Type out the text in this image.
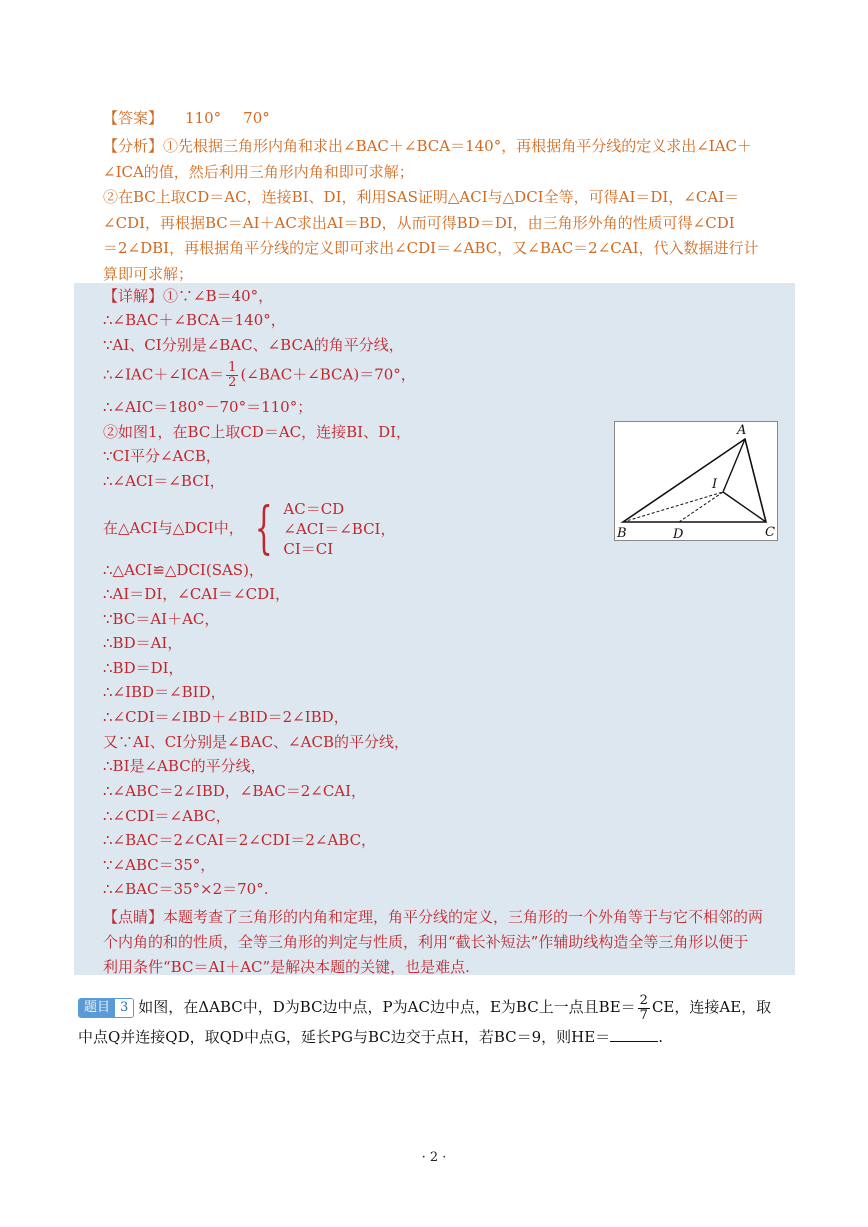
【答案】 110° 70°

【分析】①先根据三角形内角和求出∠BAC＋∠BCA＝140°，再根据角平分线的定义求出∠IAC＋

∠ICA的值，然后利用三角形内角和即可求解；

②在BC上取CD＝AC，连接BI、DI，利用SAS证明△ACI与△DCI全等，可得AI＝DI，∠CAI＝

∠CDI，再根据BC＝AI＋AC求出AI＝BD，从而可得BD＝DI，由三角形外角的性质可得∠CDI

＝2∠DBI，再根据角平分线的定义即可求出∠CDI＝∠ABC，又∠BAC＝2∠CAI，代入数据进行计

算即可求解；

【详解】①∵∠B＝40°，
∴∠BAC＋∠BCA＝140°，
∵AI、CI分别是∠BAC、∠BCA的角平分线，
∴∠IAC＋∠ICA＝ $\frac{1}{2}$ (∠BAC＋∠BCA)＝70°，
∴∠AIC＝180°－70°＝110°；
②如图1，在BC上取CD＝AC，连接BI、DI，
∵CI平分∠ACB，
∴∠ACI＝∠BCI，
在△ACI与△DCI中， { AC＝CD
∠ACI＝∠BCI，
CI＝CI
∴△ACI≌△DCI(SAS)，
∴AI＝DI，∠CAI＝∠CDI，
∵BC＝AI＋AC，
∴BD＝AI，
∴BD＝DI，
∴∠IBD＝∠BID，
∴∠CDI＝∠IBD＋∠BID＝2∠IBD，
又∵AI、CI分别是∠BAC、∠ACB的平分线，
∴BI是∠ABC的平分线，
∴∠ABC＝2∠IBD，∠BAC＝2∠CAI，
∴∠CDI＝∠ABC，
∴∠BAC＝2∠CAI＝2∠CDI＝2∠ABC，
∵∠ABC＝35°，
∴∠BAC＝35°×2＝70°.
A
B	C
D
I

【点睛】本题考查了三角形的内角和定理，角平分线的定义，三角形的一个外角等于与它不相邻的两

个内角的和的性质，全等三角形的判定与性质，利用“截长补短法”作辅助线构造全等三角形以便于

利用条件“BC＝AI＋AC”是解决本题的关键，也是难点.

题目 3 如图，在ΔABC中，D为BC边中点，P为AC边中点，E为BC上一点且$BE= \frac{2}{7}$ CE，连接AE，取
中点Q并连接QD，取QD中点G，延长PG与BC边交于点H，若BC＝9，则HE＝	.
· 2 ·
